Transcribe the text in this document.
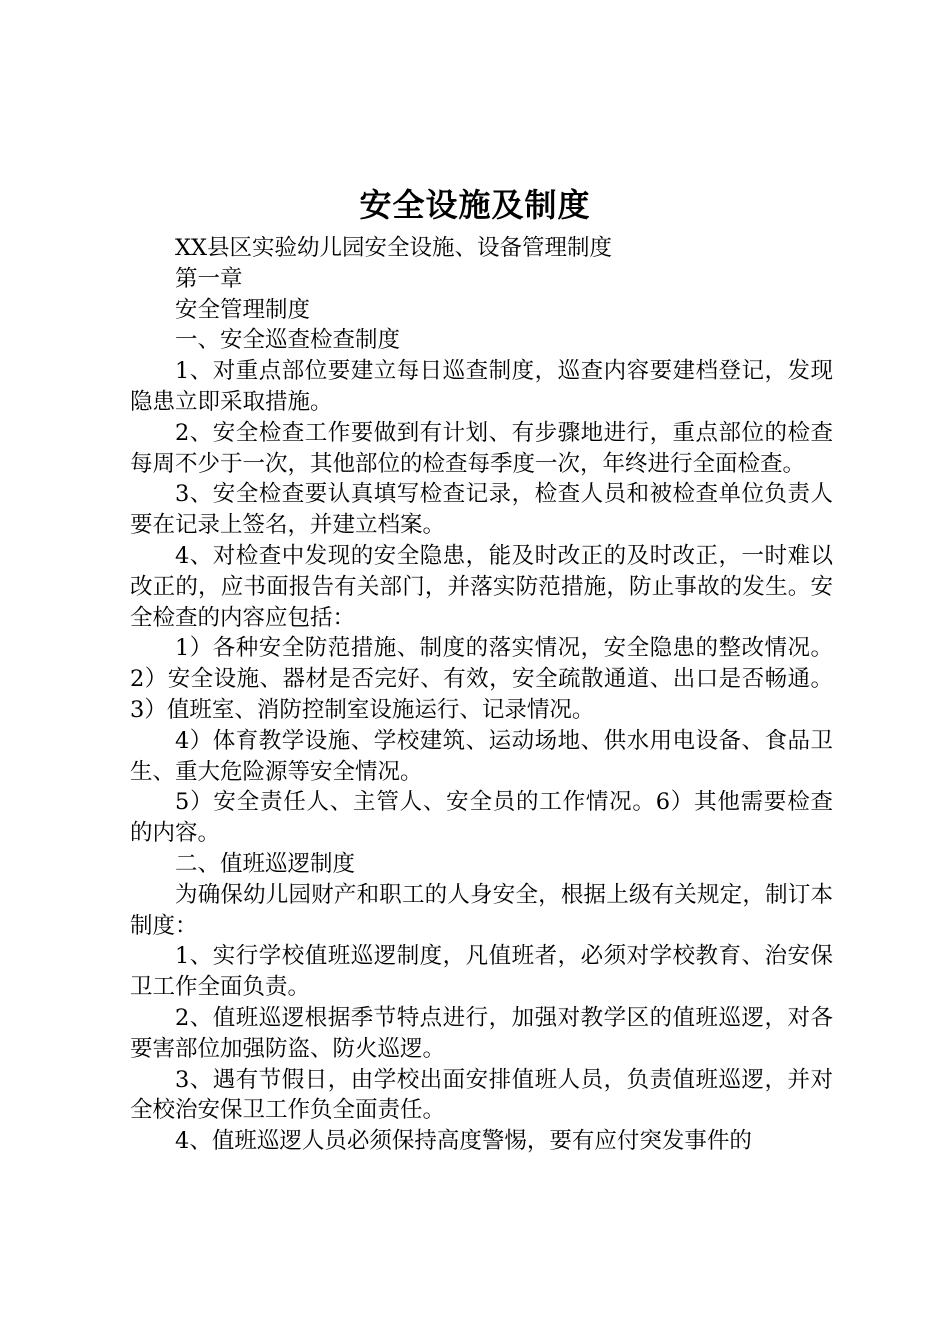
安全设施及制度

XX县区实验幼儿园安全设施、设备管理制度

第一章

安全管理制度

一、安全巡查检查制度

1、对重点部位要建立每日巡查制度，巡查内容要建档登记，发现隐患立即采取措施。

2、安全检查工作要做到有计划、有步骤地进行，重点部位的检查每周不少于一次，其他部位的检查每季度一次，年终进行全面检查。

3、安全检查要认真填写检查记录，检查人员和被检查单位负责人要在记录上签名，并建立档案。

4、对检查中发现的安全隐患，能及时改正的及时改正，一时难以改正的，应书面报告有关部门，并落实防范措施，防止事故的发生。安全检查的内容应包括：

1）各种安全防范措施、制度的落实情况，安全隐患的整改情况。2）安全设施、器材是否完好、有效，安全疏散通道、出口是否畅通。3）值班室、消防控制室设施运行、记录情况。

4）体育教学设施、学校建筑、运动场地、供水用电设备、食品卫生、重大危险源等安全情况。

5）安全责任人、主管人、安全员的工作情况。6）其他需要检查的内容。

二、值班巡逻制度

为确保幼儿园财产和职工的人身安全，根据上级有关规定，制订本制度：

1、实行学校值班巡逻制度，凡值班者，必须对学校教育、治安保卫工作全面负责。

2、值班巡逻根据季节特点进行，加强对教学区的值班巡逻，对各要害部位加强防盗、防火巡逻。

3、遇有节假日，由学校出面安排值班人员，负责值班巡逻，并对全校治安保卫工作负全面责任。

4、值班巡逻人员必须保持高度警惕，要有应付突发事件的
